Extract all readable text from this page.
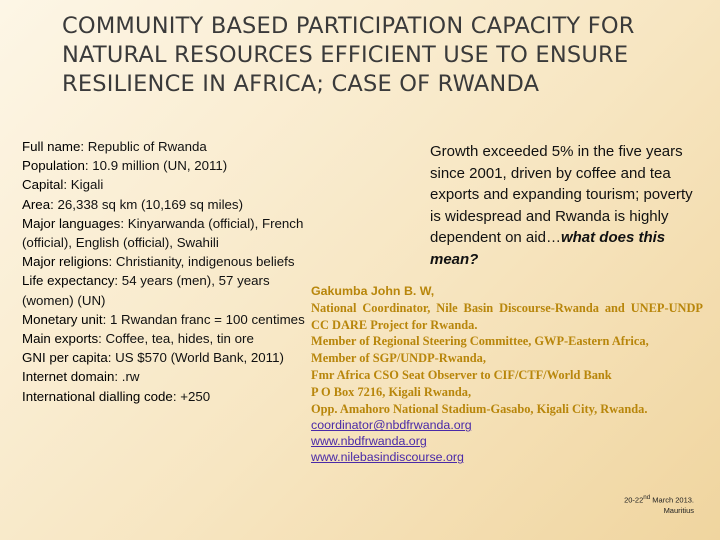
COMMUNITY BASED PARTICIPATION CAPACITY FOR NATURAL RESOURCES EFFICIENT USE TO ENSURE RESILIENCE IN AFRICA; CASE OF RWANDA

Full name: Republic of Rwanda

Population: 10.9 million (UN, 2011)

Capital: Kigali

Area: 26,338 sq km (10,169 sq miles)

Major languages: Kinyarwanda (official), French (official), English (official), Swahili

Major religions: Christianity, indigenous beliefs

Life expectancy: 54 years (men), 57 years (women) (UN)

Monetary unit: 1 Rwandan franc = 100 centimes

Main exports: Coffee, tea, hides, tin ore

GNI per capita: US $570 (World Bank, 2011)

Internet domain: .rw

International dialling code: +250

Growth exceeded 5% in the five years since 2001, driven by coffee and tea exports and expanding tourism; poverty is widespread and Rwanda is highly dependent on aid…what does this mean?
Gakumba John B. W,
National Coordinator, Nile Basin Discourse-Rwanda and UNEP-UNDP CC DARE Project for Rwanda.
Member of Regional Steering Committee, GWP-Eastern Africa,
Member of SGP/UNDP-Rwanda,
Fmr Africa CSO Seat Observer to CIF/CTF/World Bank
P O Box 7216, Kigali Rwanda,
Opp. Amahoro National Stadium-Gasabo, Kigali City, Rwanda.
coordinator@nbdfrwanda.org
www.nbdfrwanda.org
www.nilebasindiscourse.org
20-22nd March 2013.
Mauritius
